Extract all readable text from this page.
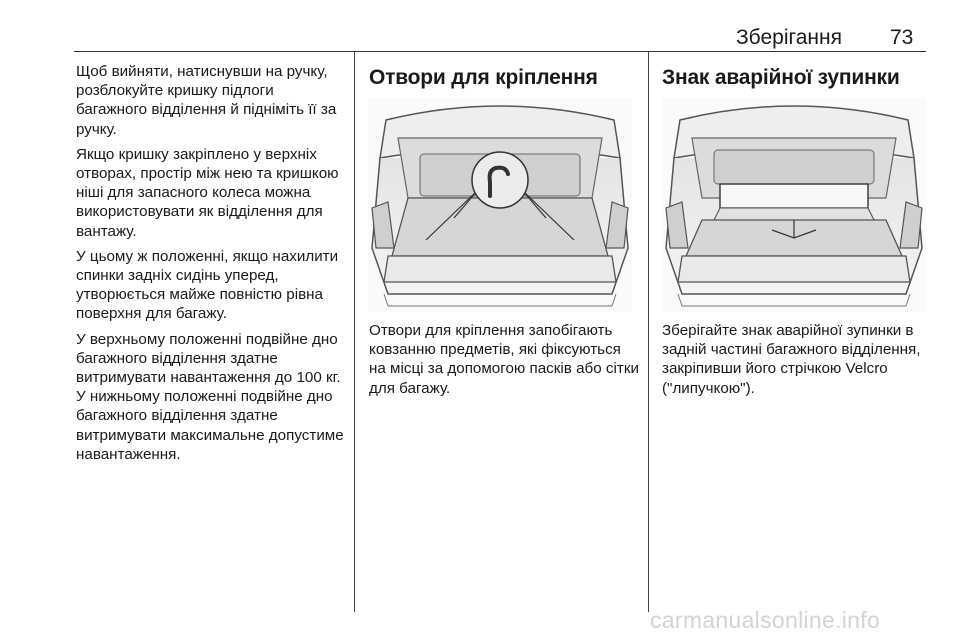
Зберігання 73

Щоб вийняти, натиснувши на ручку, розблокуйте кришку підлоги багажного відділення й підніміть її за ручку.

Якщо кришку закріплено у верхніх отворах, простір між нею та кришкою ніші для запасного колеса можна використовувати як відділення для вантажу.

У цьому ж положенні, якщо нахилити спинки задніх сидінь уперед, утворюється майже повністю рівна поверхня для багажу.

У верхньому положенні подвійне дно багажного відділення здатне витримувати навантаження до 100 кг. У нижньому положенні подвійне дно багажного відділення здатне витримувати максимальне допустиме навантаження.

Отвори для кріплення
Отвори для кріплення запобігають ковзанню предметів, які фіксуються на місці за допомогою пасків або сітки для багажу.
Знак аварійної зупинки
Зберігайте знак аварійної зупинки в задній частині багажного відділення, закріпивши його стрічкою Velcro ("липучкою").
carmanualsonline.info
